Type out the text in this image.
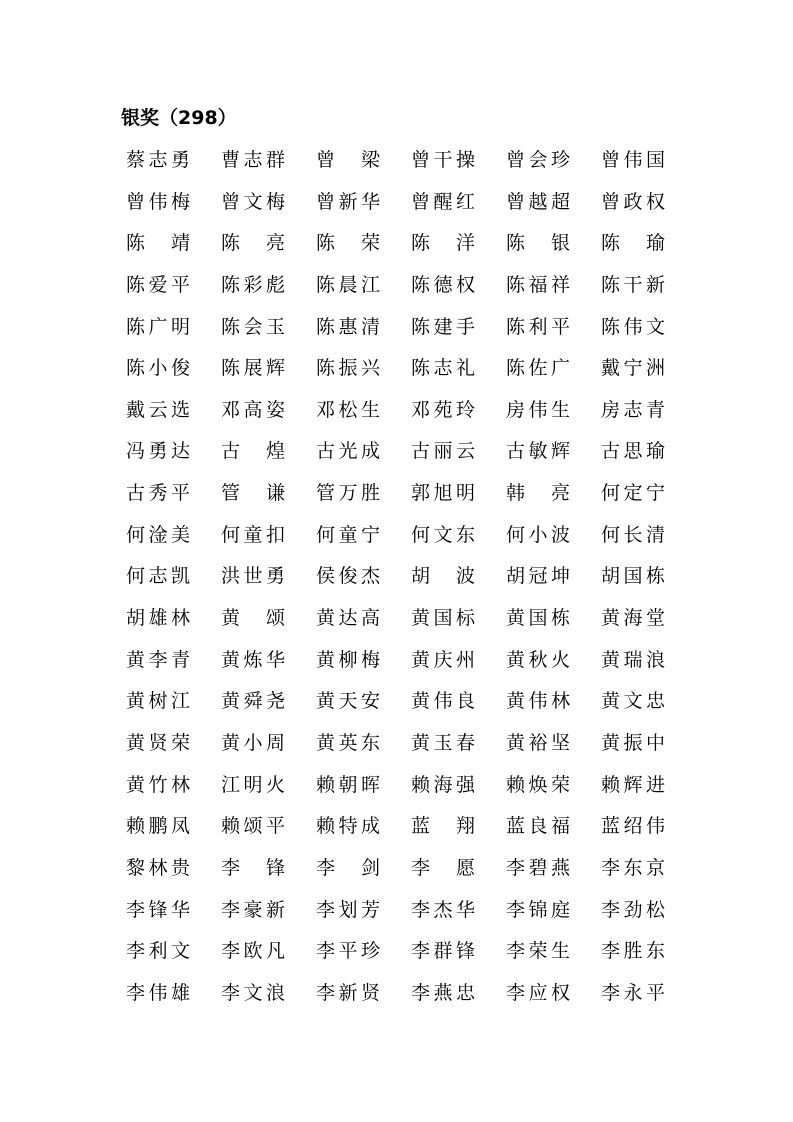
银奖（298）
蔡志勇 曹志群 曾　梁 曾干操 曾会珍 曾伟国
曾伟梅 曾文梅 曾新华 曾醒红 曾越超 曾政权
陈　靖 陈　亮 陈　荣 陈　洋 陈　银 陈　瑜
陈爱平 陈彩彪 陈晨江 陈德权 陈福祥 陈干新
陈广明 陈会玉 陈惠清 陈建手 陈利平 陈伟文
陈小俊 陈展辉 陈振兴 陈志礼 陈佐广 戴宁洲
戴云选 邓高姿 邓松生 邓苑玲 房伟生 房志青
冯勇达 古　煌 古光成 古丽云 古敏辉 古思瑜
古秀平 管　谦 管万胜 郭旭明 韩　亮 何定宁
何淦美 何童扣 何童宁 何文东 何小波 何长清
何志凯 洪世勇 侯俊杰 胡　波 胡冠坤 胡国栋
胡雄林 黄　颂 黄达高 黄国标 黄国栋 黄海堂
黄李青 黄炼华 黄柳梅 黄庆州 黄秋火 黄瑞浪
黄树江 黄舜尧 黄天安 黄伟良 黄伟林 黄文忠
黄贤荣 黄小周 黄英东 黄玉春 黄裕坚 黄振中
黄竹林 江明火 赖朝晖 赖海强 赖焕荣 赖辉进
赖鹏凤 赖颂平 赖特成 蓝　翔 蓝良福 蓝绍伟
黎林贵 李　锋 李　剑 李　愿 李碧燕 李东京
李锋华 李豪新 李划芳 李杰华 李锦庭 李劲松
李利文 李欧凡 李平珍 李群锋 李荣生 李胜东
李伟雄 李文浪 李新贤 李燕忠 李应权 李永平
